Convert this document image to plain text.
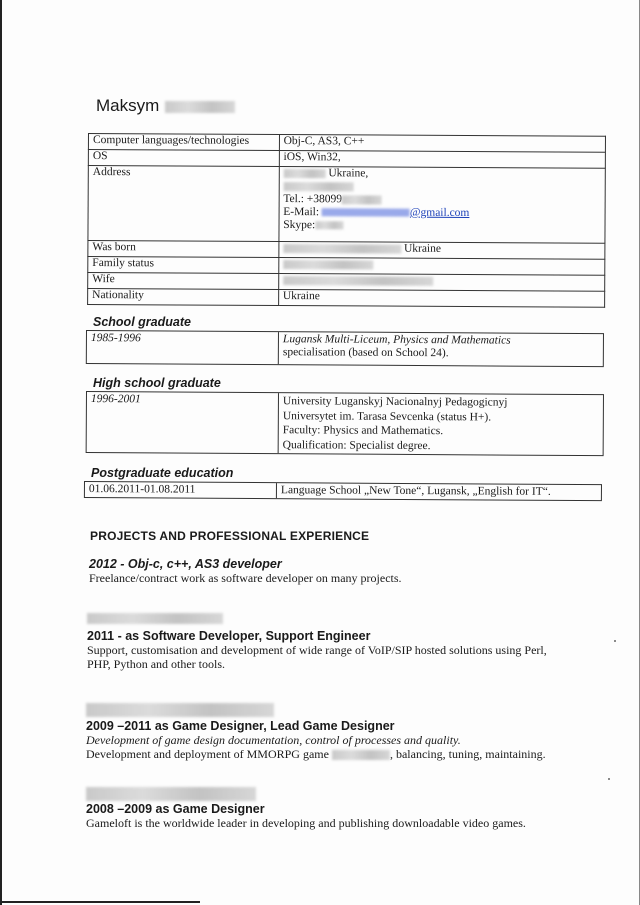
Maksym
Computer languages/technologies	Obj-C, AS3, C++
OS	iOS, Win32,
Address	Ukraine,
Tel.: +38099
E-Mail: @gmail.com
Skype:

Was born	Ukraine
Family status	
Wife	
Nationality	Ukraine
School graduate
1985-1996	Lugansk Multi-Liceum, Physics and Mathematics
specialisation (based on School 24).
High school graduate
1996-2001	University Luganskyj Nacionalnyj Pedagogicnyj
Universytet im. Tarasa Sevcenka (status H+).
Faculty: Physics and Mathematics.
Qualification: Specialist degree.
Postgraduate education
01.06.2011-01.08.2011	Language School „New Tone“, Lugansk, „English for IT“.
PROJECTS AND PROFESSIONAL EXPERIENCE
2012 - Obj-c, c++, AS3 developer
Freelance/contract work as software developer on many projects.
2011 - as Software Developer, Support Engineer
Support, customisation and development of wide range of VoIP/SIP hosted solutions using Perl,
PHP, Python and other tools.
2009 –2011 as Game Designer, Lead Game Designer
Development of game design documentation, control of processes and quality.
Development and deployment of MMORPG game	, balancing, tuning, maintaining.
2008 –2009 as Game Designer
Gameloft is the worldwide leader in developing and publishing downloadable video games.
